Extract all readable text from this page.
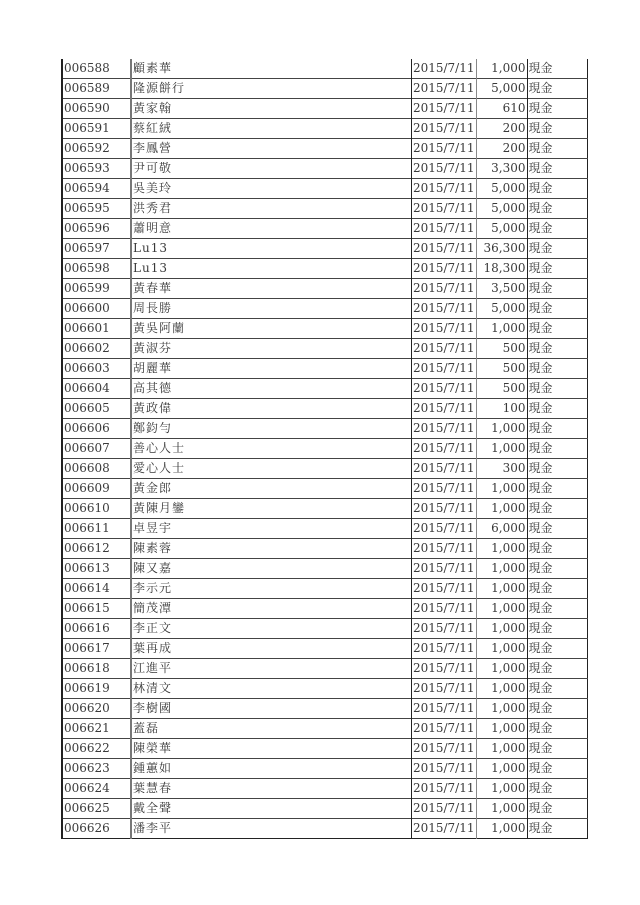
006588	顧素華	2015/7/11	1,000	現金
006589	隆源餅行	2015/7/11	5,000	現金
006590	黃家翰	2015/7/11	610	現金
006591	蔡紅絨	2015/7/11	200	現金
006592	李鳳營	2015/7/11	200	現金
006593	尹可敬	2015/7/11	3,300	現金
006594	吳美玲	2015/7/11	5,000	現金
006595	洪秀君	2015/7/11	5,000	現金
006596	蕭明意	2015/7/11	5,000	現金
006597	Lu13	2015/7/11	36,300	現金
006598	Lu13	2015/7/11	18,300	現金
006599	黃春華	2015/7/11	3,500	現金
006600	周長勝	2015/7/11	5,000	現金
006601	黃吳阿蘭	2015/7/11	1,000	現金
006602	黃淑芬	2015/7/11	500	現金
006603	胡麗華	2015/7/11	500	現金
006604	高其德	2015/7/11	500	現金
006605	黃政偉	2015/7/11	100	現金
006606	鄭鈞勻	2015/7/11	1,000	現金
006607	善心人士	2015/7/11	1,000	現金
006608	愛心人士	2015/7/11	300	現金
006609	黃金郎	2015/7/11	1,000	現金
006610	黃陳月鑾	2015/7/11	1,000	現金
006611	卓昱宇	2015/7/11	6,000	現金
006612	陳素蓉	2015/7/11	1,000	現金
006613	陳又嘉	2015/7/11	1,000	現金
006614	李示元	2015/7/11	1,000	現金
006615	簡茂潭	2015/7/11	1,000	現金
006616	李正文	2015/7/11	1,000	現金
006617	葉再成	2015/7/11	1,000	現金
006618	江進平	2015/7/11	1,000	現金
006619	林清文	2015/7/11	1,000	現金
006620	李樹國	2015/7/11	1,000	現金
006621	蓋磊	2015/7/11	1,000	現金
006622	陳榮華	2015/7/11	1,000	現金
006623	鍾蕙如	2015/7/11	1,000	現金
006624	葉慧春	2015/7/11	1,000	現金
006625	戴全聲	2015/7/11	1,000	現金
006626	潘李平	2015/7/11	1,000	現金
